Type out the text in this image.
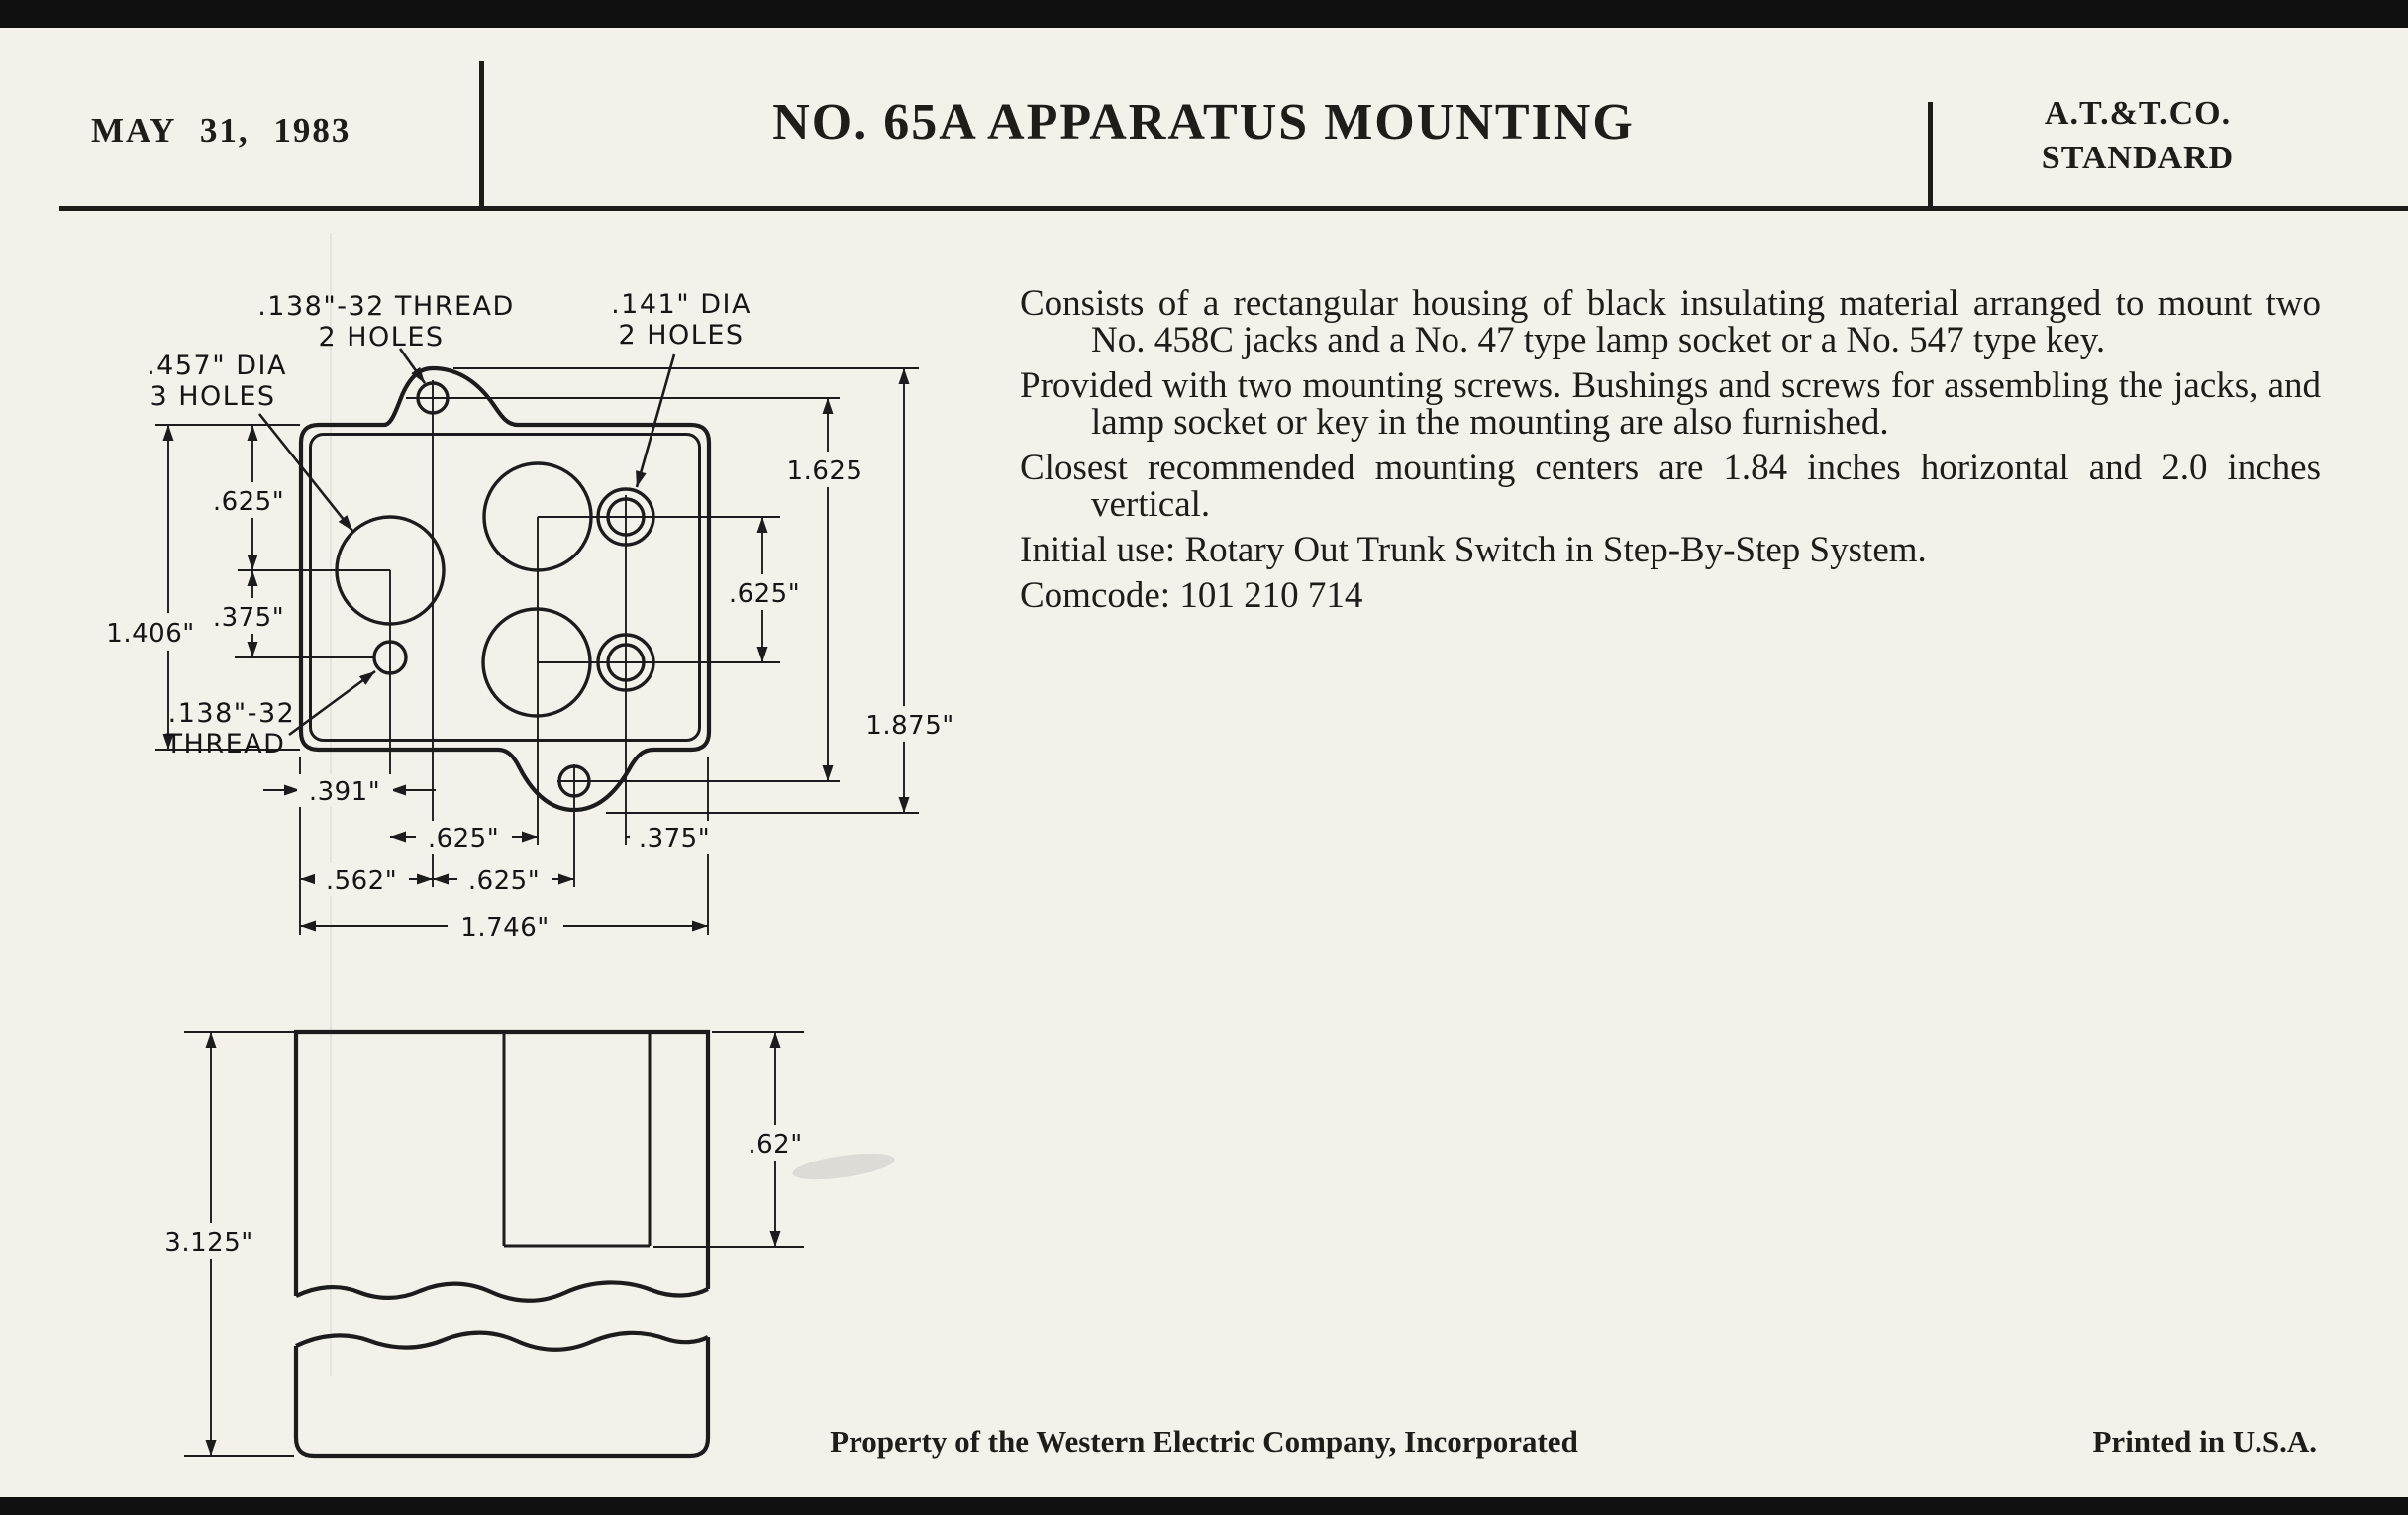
MAY 31, 1983	NO. 65A APPARATUS MOUNTING	A.T.&T.CO.
STANDARD

Consists of a rectangular housing of black insulating material arranged to mount two No. 458C jacks and a No. 47 type lamp socket or a No. 547 type key.

Provided with two mounting screws. Bushings and screws for assembling the jacks, and lamp socket or key in the mounting are also furnished.

Closest recommended mounting centers are 1.84 inches horizontal and 2.0 inches vertical.

Initial use: Rotary Out Trunk Switch in Step-By-Step System.

Comcode: 101 210 714

.138"-32 THREAD
2 HOLES
.141" DIA
2 HOLES
.457" DIA
3 HOLES
.138"-32
THREAD
1.406"
.625"
.375"
1.625
1.875"
.625"
.391"
.625"	.375"
.562"	.625"
1.746"
3.125"
.62"
Property of the Western Electric Company, Incorporated	Printed in U.S.A.
